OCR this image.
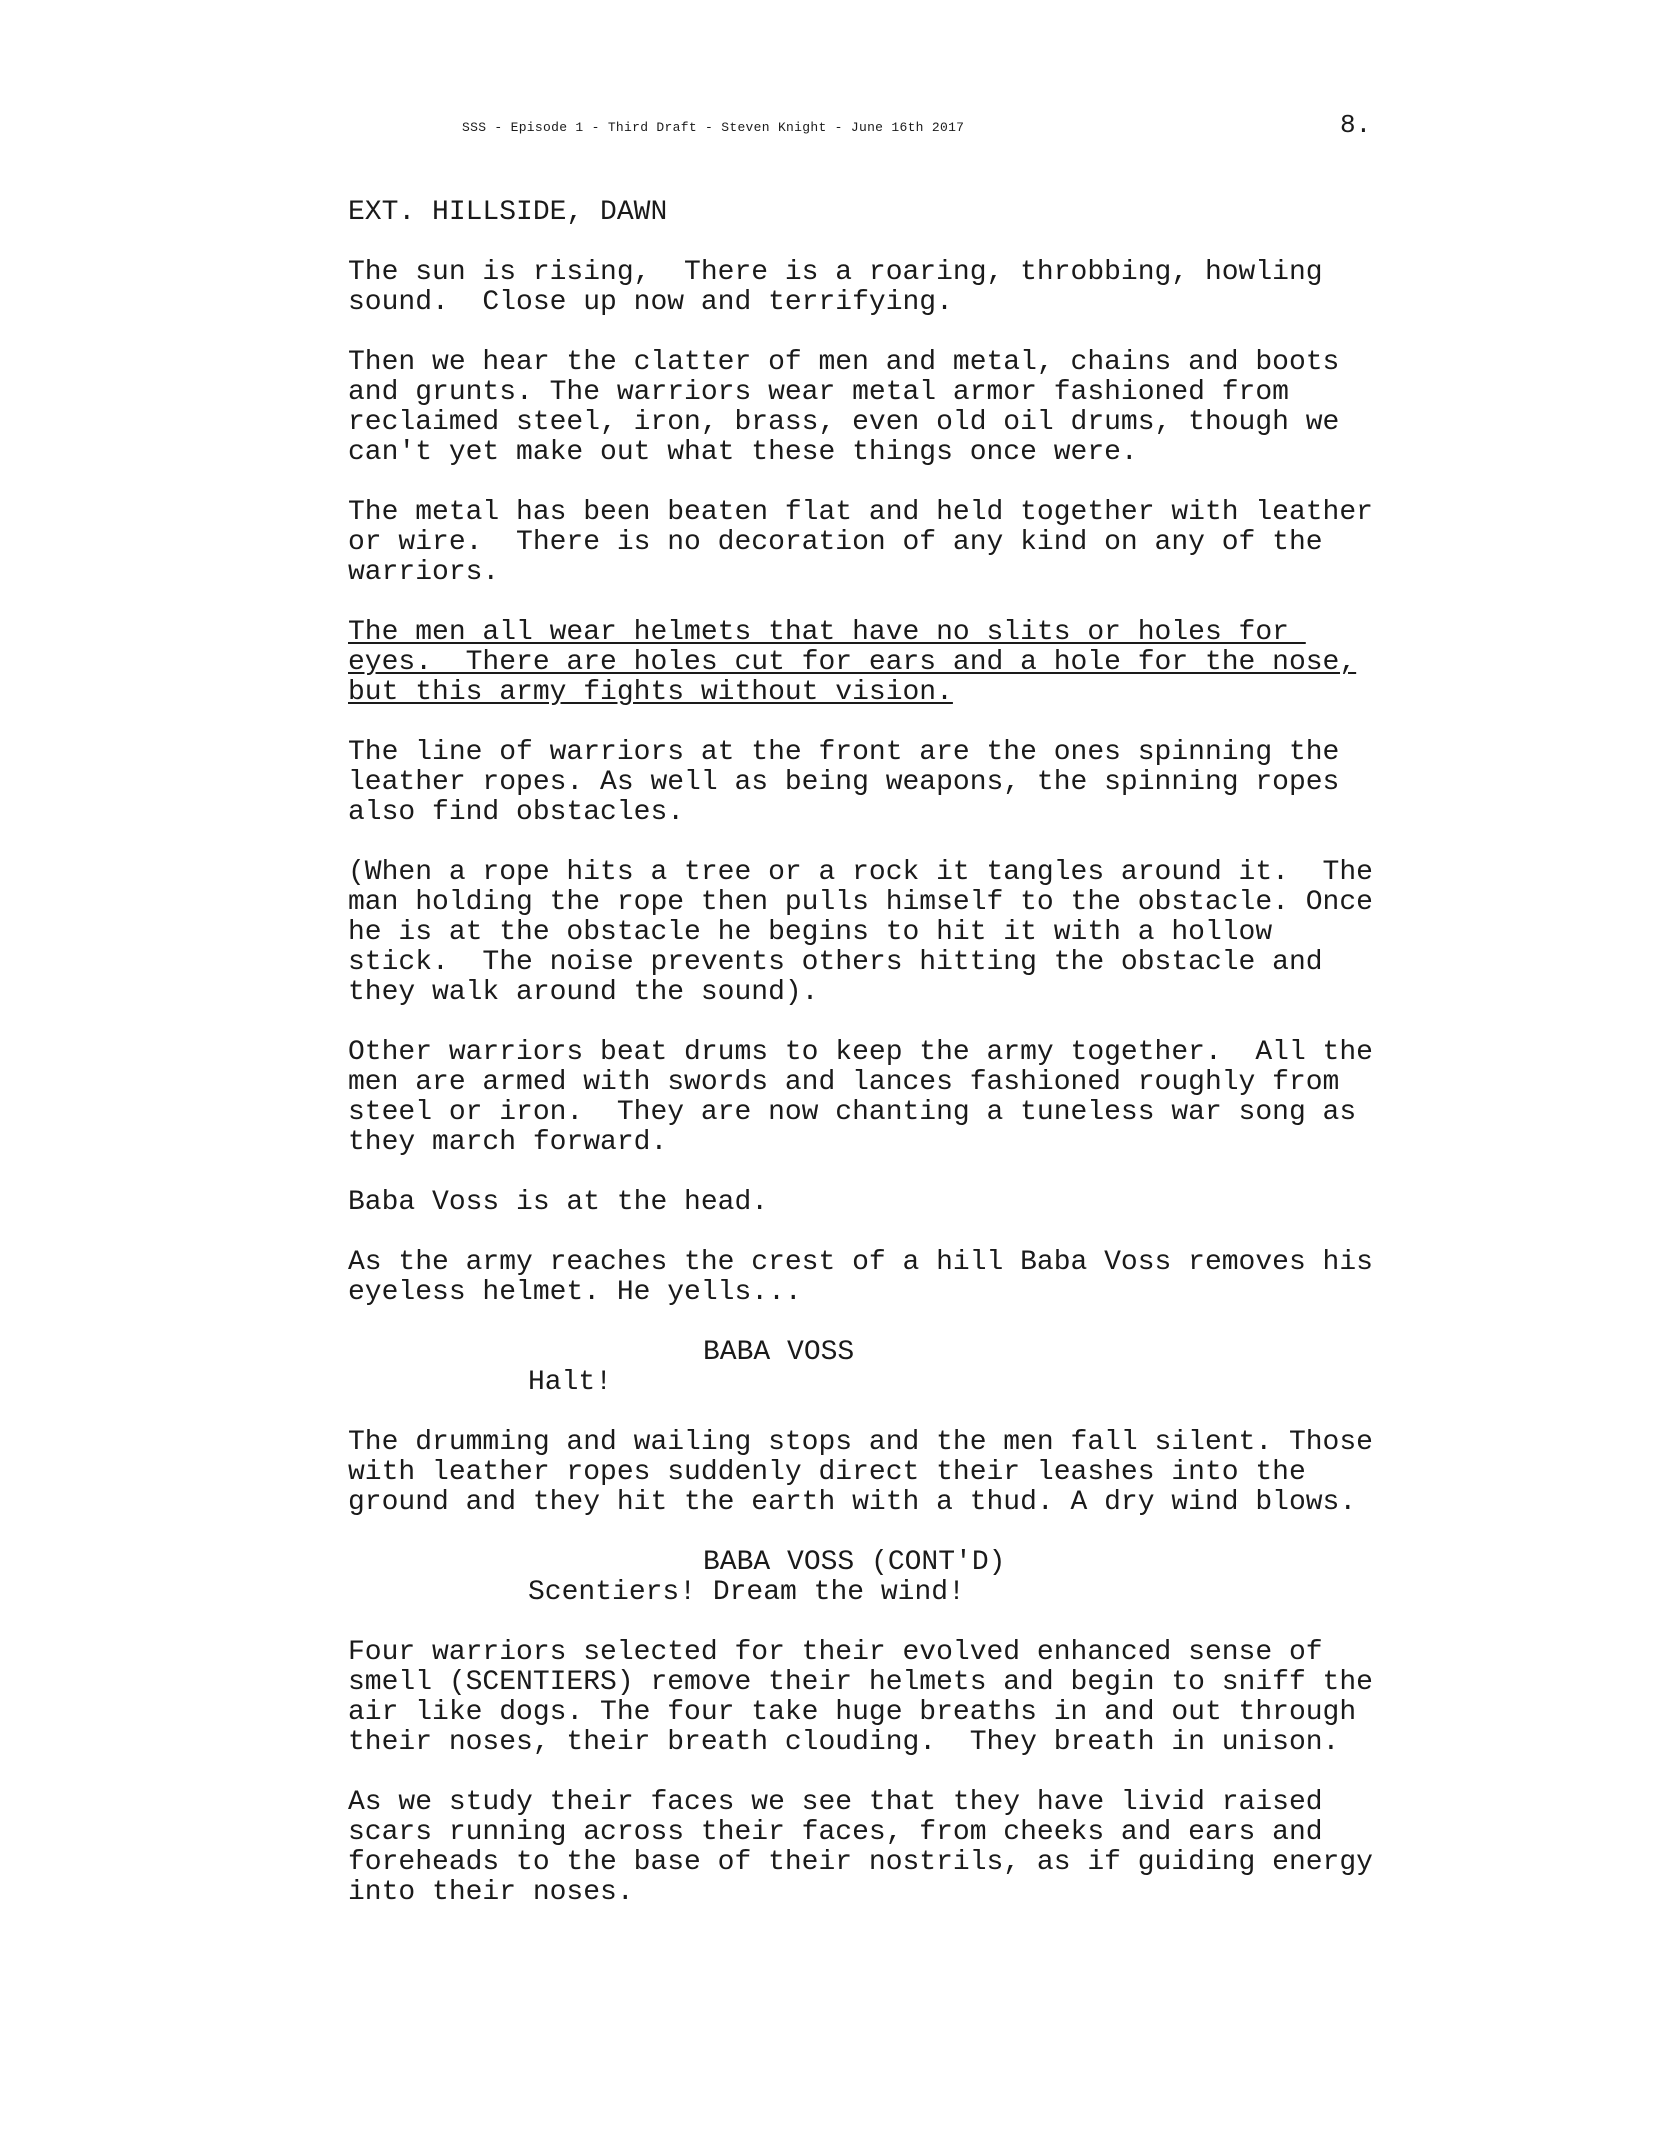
SSS - Episode 1 - Third Draft - Steven Knight - June 16th 2017	8.
EXT. HILLSIDE, DAWN
The sun is rising,  There is a roaring, throbbing, howling
sound.  Close up now and terrifying.
Then we hear the clatter of men and metal, chains and boots
and grunts. The warriors wear metal armor fashioned from
reclaimed steel, iron, brass, even old oil drums, though we
can't yet make out what these things once were.
The metal has been beaten flat and held together with leather
or wire.  There is no decoration of any kind on any of the
warriors.
The men all wear helmets that have no slits or holes for
eyes.  There are holes cut for ears and a hole for the nose,
but this army fights without vision.
The line of warriors at the front are the ones spinning the
leather ropes. As well as being weapons, the spinning ropes
also find obstacles.
(When a rope hits a tree or a rock it tangles around it.  The
man holding the rope then pulls himself to the obstacle. Once
he is at the obstacle he begins to hit it with a hollow
stick.  The noise prevents others hitting the obstacle and
they walk around the sound).
Other warriors beat drums to keep the army together.  All the
men are armed with swords and lances fashioned roughly from
steel or iron.  They are now chanting a tuneless war song as
they march forward.
Baba Voss is at the head.
As the army reaches the crest of a hill Baba Voss removes his
eyeless helmet. He yells...
BABA VOSS
Halt!
The drumming and wailing stops and the men fall silent. Those
with leather ropes suddenly direct their leashes into the
ground and they hit the earth with a thud. A dry wind blows.
BABA VOSS (CONT'D)
Scentiers! Dream the wind!
Four warriors selected for their evolved enhanced sense of
smell (SCENTIERS) remove their helmets and begin to sniff the
air like dogs. The four take huge breaths in and out through
their noses, their breath clouding.  They breath in unison.
As we study their faces we see that they have livid raised
scars running across their faces, from cheeks and ears and
foreheads to the base of their nostrils, as if guiding energy
into their noses.
